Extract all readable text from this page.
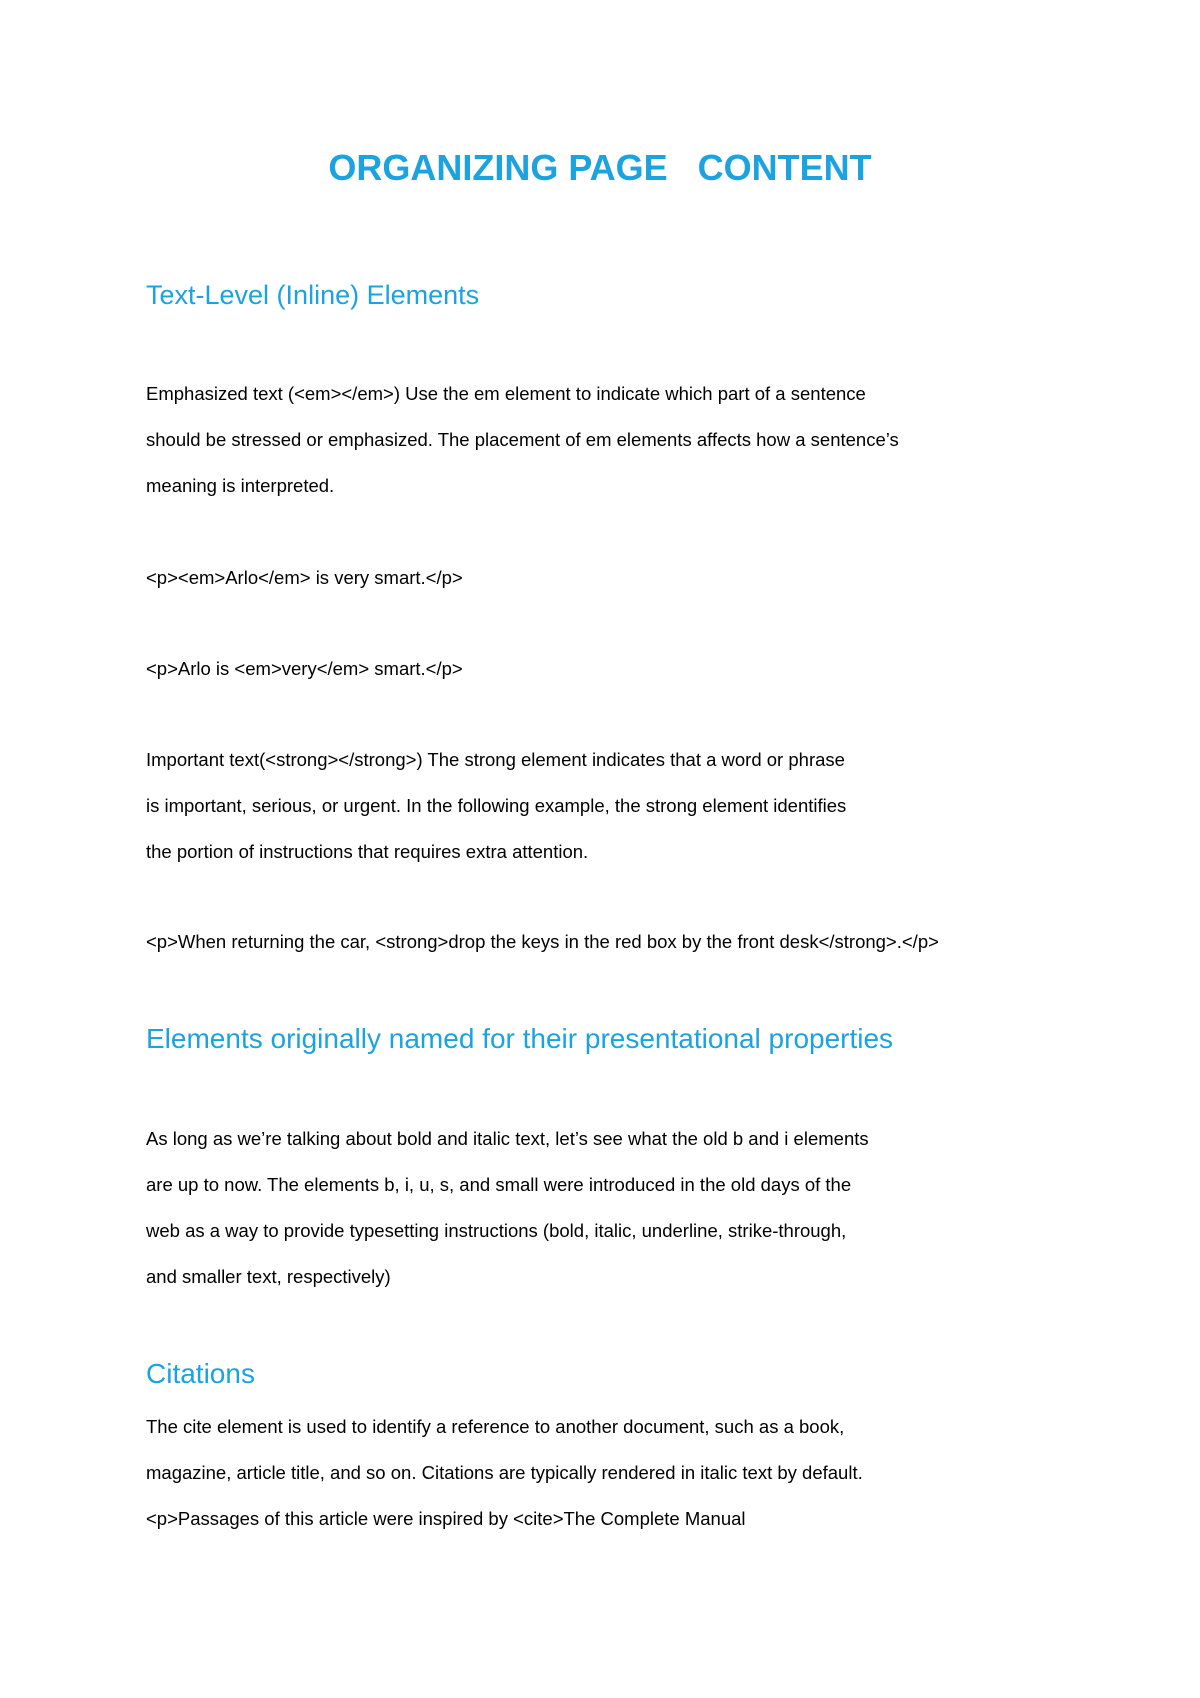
ORGANIZING PAGE   CONTENT
Text-Level (Inline) Elements

Emphasized text (<em></em>) Use the em element to indicate which part of a sentence

should be stressed or emphasized. The placement of em elements affects how a sentence’s

meaning is interpreted.

<p><em>Arlo</em> is very smart.</p>

<p>Arlo is <em>very</em> smart.</p>

Important text(<strong></strong>) The strong element indicates that a word or phrase

is important, serious, or urgent. In the following example, the strong element identifies

the portion of instructions that requires extra attention.

<p>When returning the car, <strong>drop the keys in the red box by the front desk</strong>.</p>

Elements originally named for their presentational properties

As long as we’re talking about bold and italic text, let’s see what the old b and i elements

are up to now. The elements b, i, u, s, and small were introduced in the old days of the

web as a way to provide typesetting instructions (bold, italic, underline, strike-through,

and smaller text, respectively)

Citations

The cite element is used to identify a reference to another document, such as a book,

magazine, article title, and so on. Citations are typically rendered in italic text by default.

<p>Passages of this article were inspired by <cite>The Complete Manual
